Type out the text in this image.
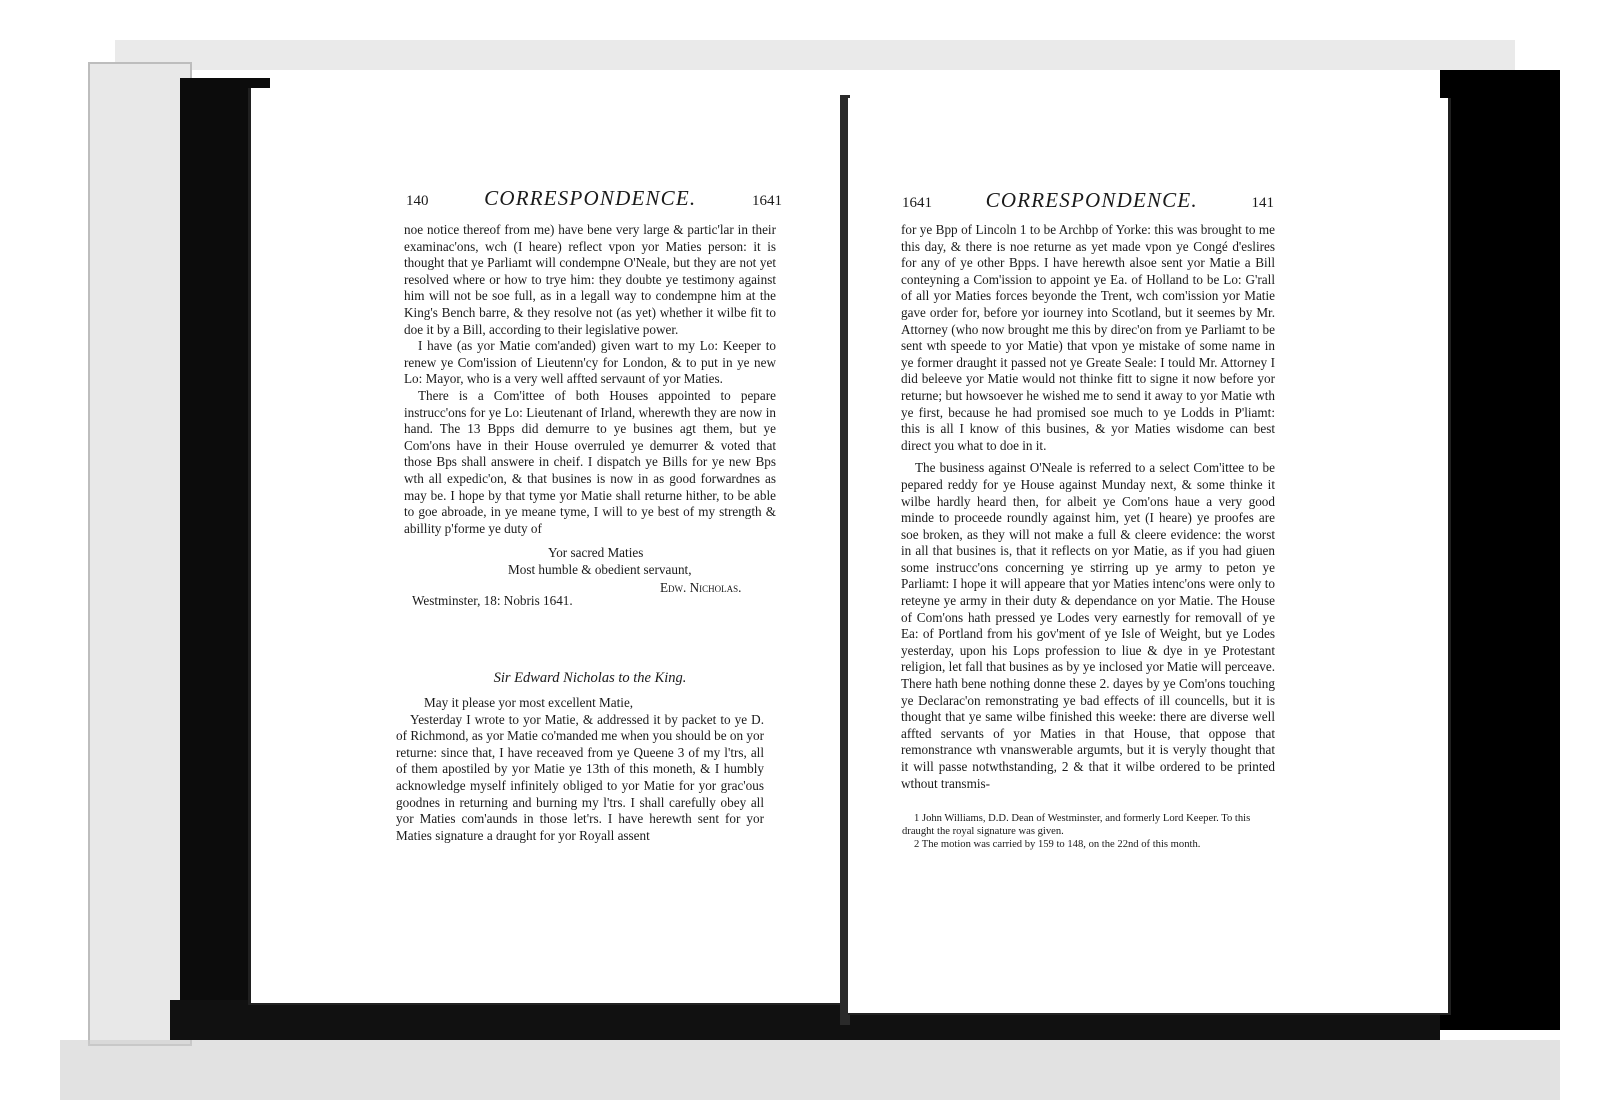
140	CORRESPONDENCE.	1641

noe notice thereof from me) have bene very large & partic'lar in their examinac'ons, wch (I heare) reflect vpon yor Maties person: it is thought that ye Parliamt will condempne O'Neale, but they are not yet resolved where or how to trye him: they doubte ye testimony against him will not be soe full, as in a legall way to condempne him at the King's Bench barre, & they resolve not (as yet) whether it wilbe fit to doe it by a Bill, according to their legislative power.

I have (as yor Matie com'anded) given wart to my Lo: Keeper to renew ye Com'ission of Lieutenn'cy for London, & to put in ye new Lo: Mayor, who is a very well affted servaunt of yor Maties.

There is a Com'ittee of both Houses appointed to pepare instrucc'ons for ye Lo: Lieutenant of Irland, wherewth they are now in hand. The 13 Bpps did demurre to ye busines agt them, but ye Com'ons have in their House overruled ye demurrer & voted that those Bps shall answere in cheif. I dispatch ye Bills for ye new Bps wth all expedic'on, & that busines is now in as good forwardnes as may be. I hope by that tyme yor Matie shall returne hither, to be able to goe abroade, in ye meane tyme, I will to ye best of my strength & abillity p'forme ye duty of

Yor sacred Maties
Most humble & obedient servaunt,
Edw. Nicholas.
Westminster, 18: Nobris 1641.
Sir Edward Nicholas to the King.

May it please yor most excellent Matie,

Yesterday I wrote to yor Matie, & addressed it by packet to ye D. of Richmond, as yor Matie co'manded me when you should be on yor returne: since that, I have receaved from ye Queene 3 of my l'trs, all of them apostiled by yor Matie ye 13th of this moneth, & I humbly acknowledge myself infinitely obliged to yor Matie for yor grac'ous goodnes in returning and burning my l'trs. I shall carefully obey all yor Maties com'aunds in those let'rs. I have herewth sent for yor Maties signature a draught for yor Royall assent

1641	CORRESPONDENCE.	141

for ye Bpp of Lincoln 1 to be Archbp of Yorke: this was brought to me this day, & there is noe returne as yet made vpon ye Congé d'eslires for any of ye other Bpps. I have herewth alsoe sent yor Matie a Bill conteyning a Com'ission to appoint ye Ea. of Holland to be Lo: G'rall of all yor Maties forces beyonde the Trent, wch com'ission yor Matie gave order for, before yor iourney into Scotland, but it seemes by Mr. Attorney (who now brought me this by direc'on from ye Parliamt to be sent wth speede to yor Matie) that vpon ye mistake of some name in ye former draught it passed not ye Greate Seale: I tould Mr. Attorney I did beleeve yor Matie would not thinke fitt to signe it now before yor returne; but howsoever he wished me to send it away to yor Matie wth ye first, because he had promised soe much to ye Lodds in P'liamt: this is all I know of this busines, & yor Maties wisdome can best direct you what to doe in it.

The business against O'Neale is referred to a select Com'ittee to be pepared reddy for ye House against Munday next, & some thinke it wilbe hardly heard then, for albeit ye Com'ons haue a very good minde to proceede roundly against him, yet (I heare) ye proofes are soe broken, as they will not make a full & cleere evidence: the worst in all that busines is, that it reflects on yor Matie, as if you had giuen some instrucc'ons concerning ye stirring up ye army to peton ye Parliamt: I hope it will appeare that yor Maties intenc'ons were only to reteyne ye army in their duty & dependance on yor Matie. The House of Com'ons hath pressed ye Lodes very earnestly for removall of ye Ea: of Portland from his gov'ment of ye Isle of Weight, but ye Lodes yesterday, upon his Lops profession to liue & dye in ye Protestant religion, let fall that busines as by ye inclosed yor Matie will perceave. There hath bene nothing donne these 2. dayes by ye Com'ons touching ye Declarac'on remonstrating ye bad effects of ill councells, but it is thought that ye same wilbe finished this weeke: there are diverse well affted servants of yor Maties in that House, that oppose that remonstrance wth vnanswerable argumts, but it is veryly thought that it will passe notwthstanding, 2 & that it wilbe ordered to be printed wthout transmis-

1 John Williams, D.D. Dean of Westminster, and formerly Lord Keeper. To this draught the royal signature was given.

2 The motion was carried by 159 to 148, on the 22nd of this month.
